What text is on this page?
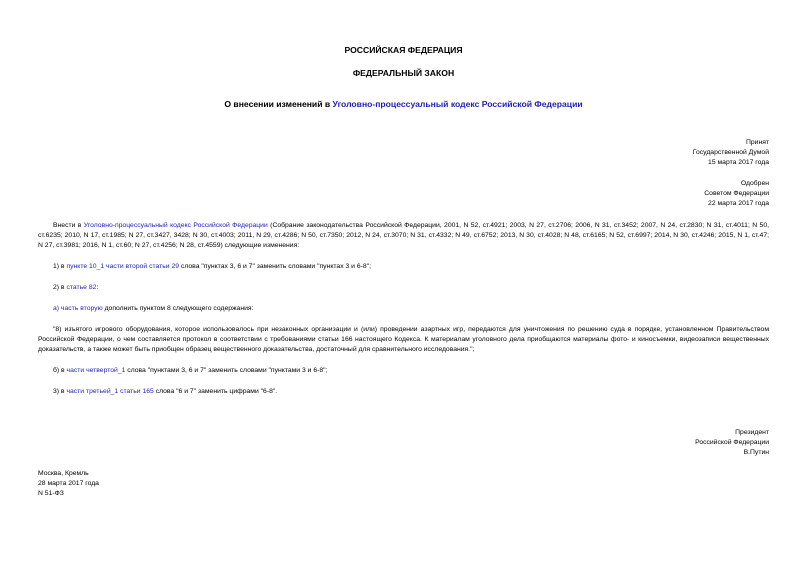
РОССИЙСКАЯ ФЕДЕРАЦИЯ
ФЕДЕРАЛЬНЫЙ ЗАКОН
О внесении изменений в Уголовно-процессуальный кодекс Российской Федерации
Принят
Государственной Думой
15 марта 2017 года
Одобрен
Советом Федерации
22 марта 2017 года
Внести в Уголовно-процессуальный кодекс Российской Федерации (Собрание законодательства Российской Федерации, 2001, N 52, ст.4921; 2003, N 27, ст.2706; 2006, N 31, ст.3452; 2007, N 24, ст.2830; N 31, ст.4011; N 50, ст.6235; 2010, N 17, ст.1985; N 27, ст.3427, 3428; N 30, ст.4003; 2011, N 29, ст.4286; N 50, ст.7350; 2012, N 24, ст.3070; N 31, ст.4332; N 49, ст.6752; 2013, N 30, ст.4028; N 48, ст.6165; N 52, ст.6997; 2014, N 30, ст.4246; 2015, N 1, ст.47; N 27, ст.3981; 2016, N 1, ст.60; N 27, ст.4256; N 28, ст.4559) следующие изменения:
1) в пункте 10_1 части второй статьи 29 слова "пунктах 3, 6 и 7" заменить словами "пунктах 3 и 6-8";
2) в статье 82:
а) часть вторую дополнить пунктом 8 следующего содержания:
"8) изъятого игрового оборудования, которое использовалось при незаконных организации и (или) проведении азартных игр, передаются для уничтожения по решению суда в порядке, установленном Правительством Российской Федерации, о чем составляется протокол в соответствии с требованиями статьи 166 настоящего Кодекса. К материалам уголовного дела приобщаются материалы фото- и киносъемки, видеозаписи вещественных доказательств, а также может быть приобщен образец вещественного доказательства, достаточный для сравнительного исследования.";
б) в части четвертой_1 слова "пунктами 3, 6 и 7" заменить словами "пунктами 3 и 6-8";
3) в части третьей_1 статьи 165 слова "6 и 7" заменить цифрами "6-8".
Президент
Российской Федерации
В.Путин
Москва, Кремль
28 марта 2017 года
N 51-ФЗ
